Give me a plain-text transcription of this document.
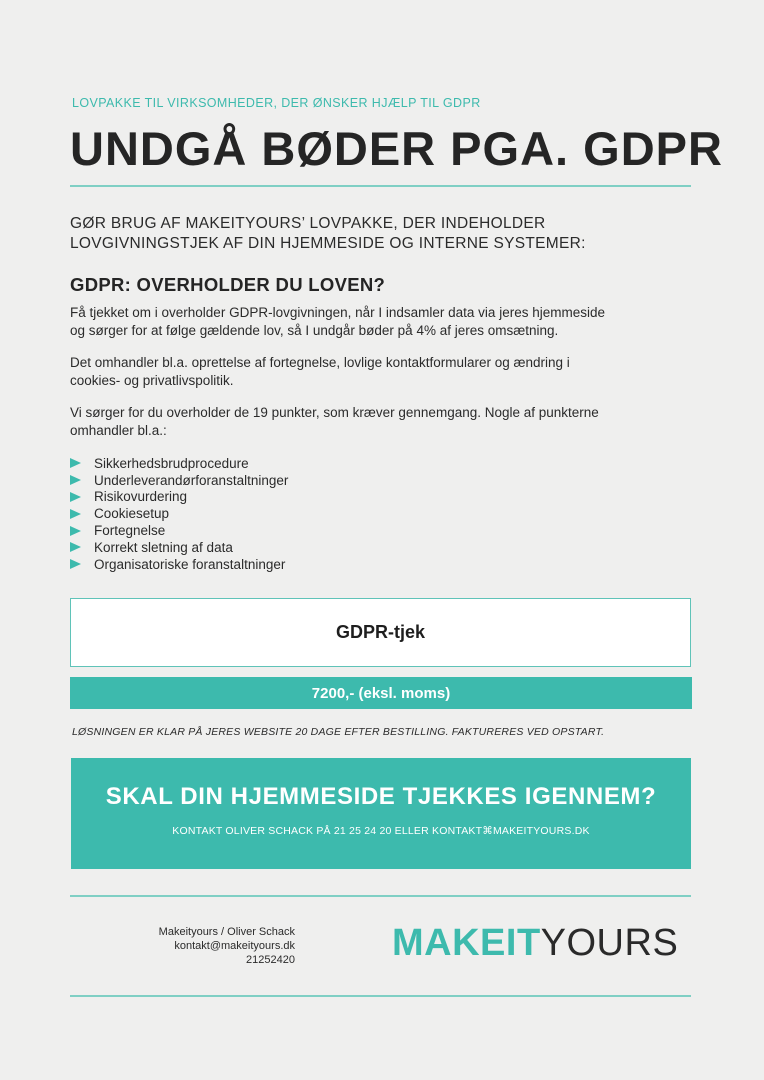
LOVPAKKE TIL VIRKSOMHEDER, DER ØNSKER HJÆLP TIL GDPR
UNDGÅ BØDER PGA. GDPR
GØR BRUG AF MAKEITYOURS’ LOVPAKKE, DER INDEHOLDER
LOVGIVNINGSTJEK AF DIN HJEMMESIDE OG INTERNE SYSTEMER:
GDPR: OVERHOLDER DU LOVEN?
Få tjekket om i overholder GDPR-lovgivningen, når I indsamler data via jeres hjemmeside
og sørger for at følge gældende lov, så I undgår bøder på 4% af jeres omsætning.
Det omhandler bl.a. oprettelse af fortegnelse, lovlige kontaktformularer og ændring i
cookies- og privatlivspolitik.
Vi sørger for du overholder de 19 punkter, som kræver gennemgang. Nogle af punkterne
omhandler bl.a.:
Sikkerhedsbrudprocedure
Underleverandørforanstaltninger
Risikovurdering
Cookiesetup
Fortegnelse
Korrekt sletning af data
Organisatoriske foranstaltninger
GDPR-tjek
7200,- (eksl. moms)
LØSNINGEN ER KLAR PÅ JERES WEBSITE 20 DAGE EFTER BESTILLING. FAKTURERES VED OPSTART.
SKAL DIN HJEMMESIDE TJEKKES IGENNEM?
KONTAKT OLIVER SCHACK PÅ 21 25 24 20 ELLER KONTAKT⌘MAKEITYOURS.DK
Makeityours / Oliver Schack
kontakt@makeityours.dk
21252420	MAKEITYOURS
